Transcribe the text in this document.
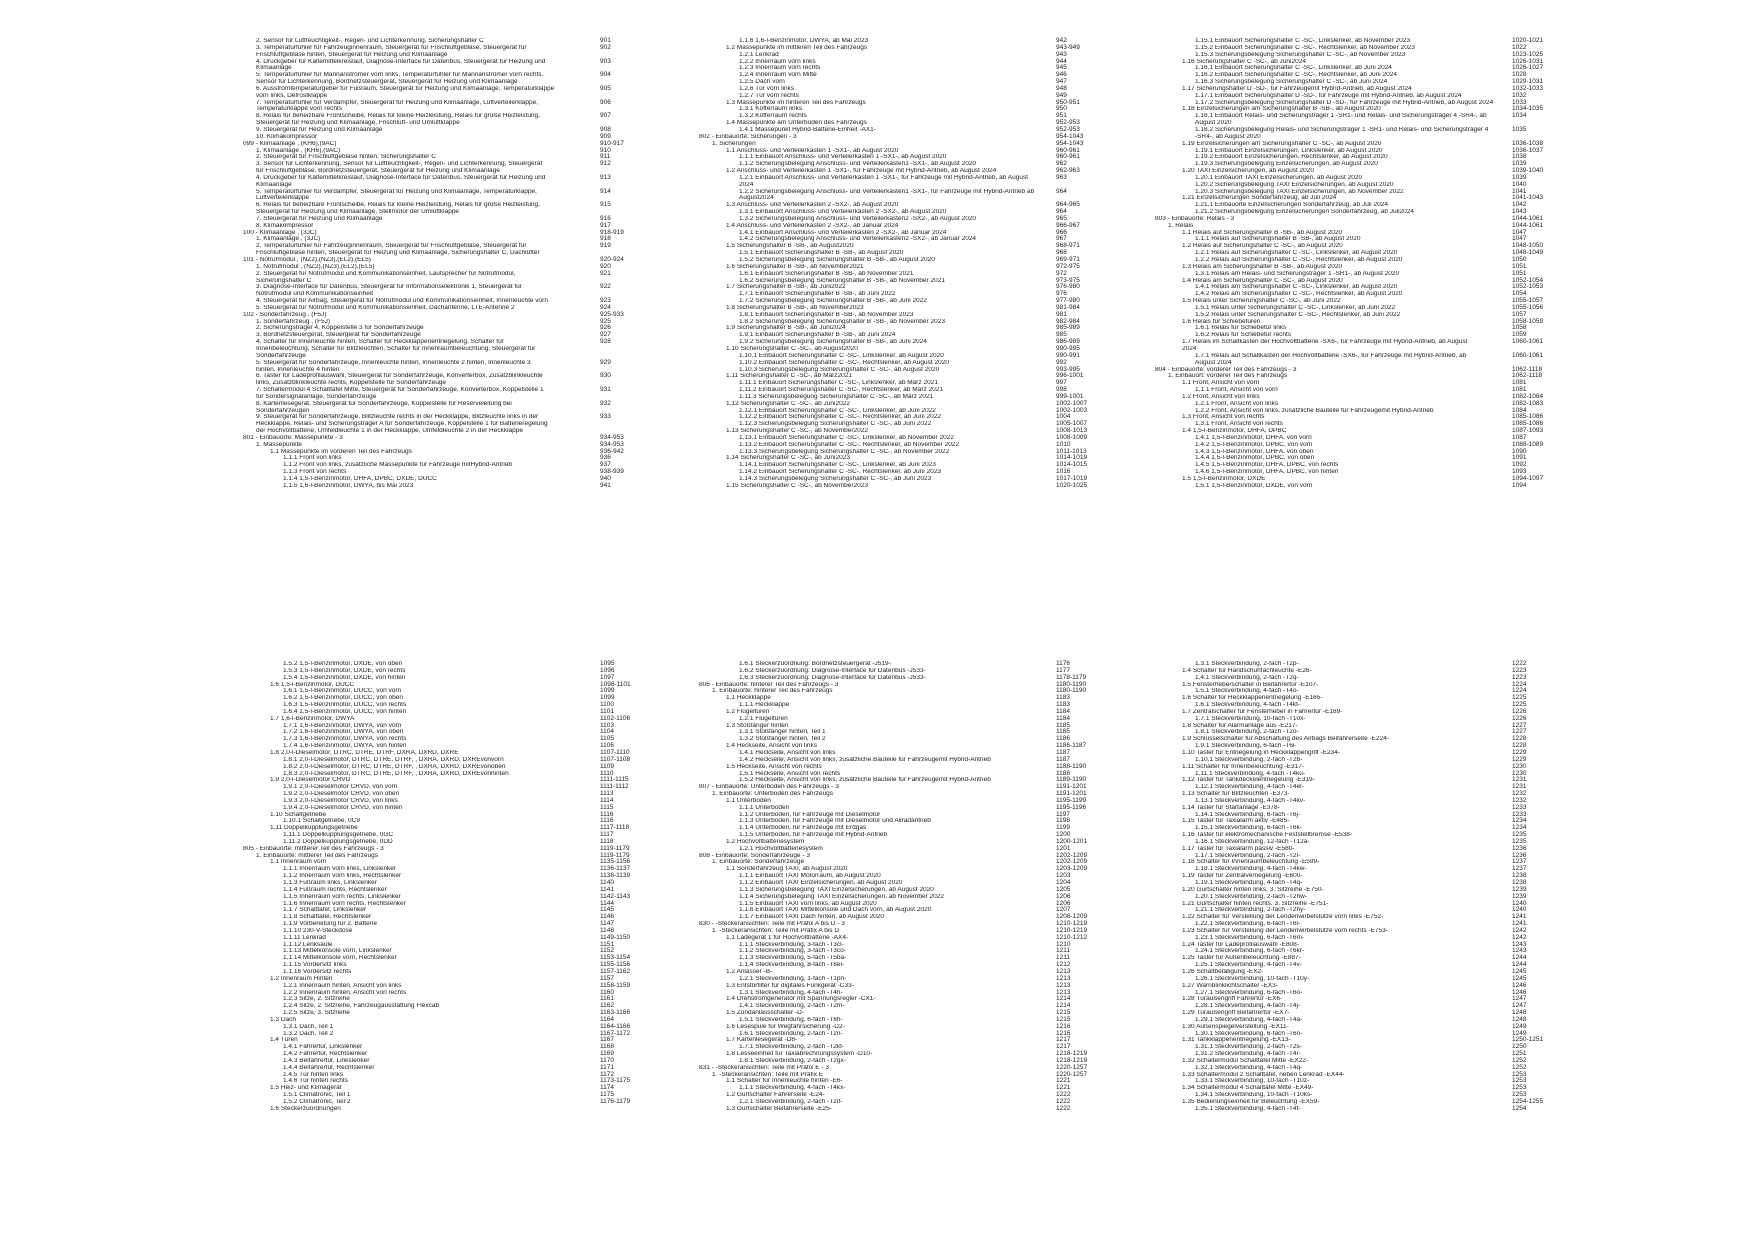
2. Sensor für Luftfeuchtigkeit-, Regen- und Lichterkennung, Sicherungshalter C	901
3. Temperaturfühler für Fahrzeuginnenraum, Steuergerät für Frischluftgebläse, Steuergerät für	902
Frischluftgebläse hinten, Steuergerät für Heizung und Klimaanlage
4. Druckgeber für Kältemittelkreislauf, Diagnose-Interface für Datenbus, Steuergerät für Heizung und	903
Klimaanlage
5. Temperaturfühler für Mannanströmer vorn links, Temperaturfühler für Mannanströmer vorn rechts,	904
Sensor für Lichterkennung, Bordnetzsteuergerät, Steuergerät für Heizung und Klimaanlage
6. Ausströmtemperaturgeber für Fußraum, Steuergerät für Heizung und Klimaanlage, Temperaturklappe	905
vorn links, Defrostklappe
7. Temperaturfühler für Verdampfer, Steuergerät für Heizung und Klimaanlage, Luftverteilerklappe,	906
Temperaturklappe vorn rechts
8. Relais für beheizbare Frontscheibe, Relais für kleine Heizleistung, Relais für große Heizleistung,	907
Steuergerät für Heizung und Klimaanlage, Frischluft- und Umluftklappe
9. Steuergerät für Heizung und Klimaanlage	908
10. Klimakompressor	909
099 - Klimaanlage , (KH6),(9AC)	910-917
1. Klimaanlage , (KH6),(9AC)	910
2. Steuergerät für Frischluftgebläse hinten, Sicherungshalter C	911
3. Sensor für Lichterkennung, Sensor für Luftfeuchtigkeit-, Regen- und Lichterkennung, Steuergerät	912
für Frischluftgebläse, Bordnetzsteuergerät, Steuergerät für Heizung und Klimaanlage
4. Druckgeber für Kältemittelkreislauf, Diagnose-Interface für Datenbus, Steuergerät für Heizung und	913
Klimaanlage
5. Temperaturfühler für Verdampfer, Steuergerät für Heizung und Klimaanlage, Temperaturklappe,	914
Luftverteilerklappe
6. Relais für beheizbare Frontscheibe, Relais für kleine Heizleistung, Relais für große Heizleistung,	915
Steuergerät für Heizung und Klimaanlage, Stellmotor der Umluftklappe
7. Steuergerät für Heizung und Klimaanlage	916
8. Klimakompressor	917
100 - Klimaanlage , (3JC)	918-919
1. Klimaanlage , (3JC)	918
2. Temperaturfühler für Fahrzeuginnenraum, Steuergerät für Frischluftgebläse, Steuergerät für	919
Frischluftgebläse hinten, Steuergerät für Heizung und Klimaanlage, Sicherungshalter C, Dachlüfter
101 - Notrufmodul , (NZ2),(NZ3),(EL2),(EL5)	920-924
1. Notrufmodul , (NZ2),(NZ3),(EL2),(EL5)	920
2. Steuergerät für Notrufmodul und Kommunikationseinheit, Lautsprecher für Notrufmodul,	921
Sicherungshalter C
3. Diagnose-Interface für Datenbus, Steuergerät für Informationselektronik 1, Steuergerät für	922
Notrufmodul und Kommunikationseinheit
4. Steuergerät für Airbag, Steuergerät für Notrufmodul und Kommunikationseinheit, Innenleuchte vorn	923
5. Steuergerät für Notrufmodul und Kommunikationseinheit, Dachantenne, LTE-Antenne 2	924
102 - Sonderfahrzeug , (F5J)	925-933
1. Sonderfahrzeug , (F5J)	925
2. Sicherungsträger 4, Koppelstelle 3 für Sonderfahrzeuge	926
3. Bordnetzsteuergerät, Steuergerät für Sonderfahrzeuge	927
4. Schalter für Innenleuchte hinten, Schalter für Heckklappenentriegelung, Schalter für	928
Innenbeleuchtung, Schalter für Blitzleuchten, Schalter für Innenraumbeleuchtung, Steuergerät für
Sonderfahrzeuge
5. Steuergerät für Sonderfahrzeuge, Innenleuchte hinten, Innenleuchte 2 hinten, Innenleuchte 3	929
hinten, Innenleuchte 4 hinten
6. Taster für Ladeprofilauswahl, Steuergerät für Sonderfahrzeuge, Konverterbox, Zusatzblinkleuchte	930
links, Zusatzblinkleuchte rechts, Koppelstelle für Sonderfahrzeuge
7. Schaltermodul 4 Schalttafel Mitte, Steuergerät für Sonderfahrzeuge, Konverterbox, Koppelstelle 1	931
für Sondersignalanlage, Sonderfahrzeuge
8. Kartenlesegerät, Steuergerät für Sonderfahrzeuge, Koppelstelle für Reserveleitung bei	932
Sonderfahrzeugen
9. Steuergerät für Sonderfahrzeuge, Blitzleuchte rechts in der Heckklappe, Blitzleuchte links in der	933
Heckklappe, Relais- und Sicherungsträger A für Sonderfahrzeuge, Koppelstelle 1 für Batterieregelung
der Hochvoltbatterie, Umfeldleuchte 1 in der Heckklappe, Umfeldleuchte 2 in der Heckklappe
801 - Einbauorte: Massepunkte - 3	934-953
1. Massepunkte	934-953
1.1 Massepunkte im vorderen Teil des Fahrzeugs	936-942
1.1.1 Front von links	936
1.1.2 Front von links, zusätzliche Massepunkte für Fahrzeuge mitHybrid-Antrieb	937
1.1.3 Front von rechts	938-939
1.1.4 1,5-l-Benzinmotor, DHFA, DPBC, DXDE, DUCC	940
1.1.5 1,6-l-Benzinmotor, DWYA, bis Mai 2023	941
1.1.6 1,6-l-Benzinmotor, DWYA, ab Mai 2023	942
1.2 Massepunkte im mittleren Teil des Fahrzeugs	943-949
1.2.1 Lenkrad	943
1.2.2 Innenraum vorn links	944
1.2.3 Innenraum vorn rechts	945
1.2.4 Innenraum vorn Mitte	946
1.2.5 Dach vorn	947
1.2.6 Tür vorn links	948
1.2.7 Tür vorn rechts	949
1.3 Massepunkte im hinteren Teil des Fahrzeugs	950-951
1.3.1 Kofferraum links	950
1.3.2 Kofferraum rechts	951
1.4 Massepunkte am Unterboden des Fahrzeugs	952-953
1.4.1 Massepunkt Hybrid-Batterie-Einheit -AX1-	952-953
802 - Einbauorte: Sicherungen - 3	954-1043
1. Sicherungen	954-1043
1.1 Anschluss- und Verteilerkasten 1 -SX1-, ab August 2020	960-961
1.1.1 Einbauort Anschluss- und Verteilerkasten 1 -SX1-, ab August 2020	960-961
1.1.2 Sicherungsbelegung Anschluss- und Verteilerkasten1 -SX1-, ab August 2020	962
1.2 Anschluss- und Verteilerkasten 1 -SX1-, für Fahrzeuge mit Hybrid-Antrieb, ab August 2024	962-963
1.2.1 Einbauort Anschluss- und Verteilerkasten 1 -SX1-, für Fahrzeuge mit Hybrid-Antrieb, ab August	963
2024
1.2.2 Sicherungsbelegung Anschluss- und Verteilerkasten1 -SX1-, für Fahrzeuge mit Hybrid-Antrieb ab	964
August2024
1.3 Anschluss- und Verteilerkasten 2 -SX2-, ab August 2020	964-965
1.3.1 Einbauort Anschluss- und Verteilerkasten 2 -SX2-, ab August 2020	964
1.3.2 Sicherungsbelegung Anschluss- und Verteilerkasten2 -SX2-, ab August 2020	965
1.4 Anschluss- und Verteilerkasten 2 -SX2-, ab Januar 2024	966-967
1.4.1 Einbauort Anschluss- und Verteilerkasten 2 -SX2-, ab Januar 2024	966
1.4.2 Sicherungsbelegung Anschluss- und Verteilerkasten2 -SX2-, ab Januar 2024	967
1.5 Sicherungshalter B -SB-, ab August2020	968-971
1.5.1 Einbauort Sicherungshalter B -SB-, ab August 2020	968
1.5.2 Sicherungsbelegung Sicherungshalter B -SB-, ab August 2020	969-971
1.6 Sicherungshalter B -SB-, ab November2021	972-975
1.6.1 Einbauort Sicherungshalter B -SB-, ab November 2021	972
1.6.2 Sicherungsbelegung Sicherungshalter B -SB-, ab November 2021	973-975
1.7 Sicherungshalter B -SB-, ab Juni2022	976-980
1.7.1 Einbauort Sicherungshalter B -SB-, ab Juni 2022	976
1.7.2 Sicherungsbelegung Sicherungshalter B -SB-, ab Juni 2022	977-980
1.8 Sicherungshalter B -SB-, ab November2023	981-984
1.8.1 Einbauort Sicherungshalter B -SB-, ab November 2023	981
1.8.2 Sicherungsbelegung Sicherungshalter B -SB-, ab November 2023	982-984
1.9 Sicherungshalter B -SB-, ab Juni2024	985-989
1.9.1 Einbauort Sicherungshalter B -SB-, ab Juni 2024	985
1.9.2 Sicherungsbelegung Sicherungshalter B -SB-, ab Juni 2024	986-989
1.10 Sicherungshalter C -SC-, ab August2020	990-995
1.10.1 Einbauort Sicherungshalter C -SC-, Linkslenker, ab August 2020	990-991
1.10.2 Einbauort Sicherungshalter C -SC-, Rechtslenker, ab August 2020	992
1.10.3 Sicherungsbelegung Sicherungshalter C -SC-, ab August 2020	993-995
1.11 Sicherungshalter C -SC-, ab März2021	996-1001
1.11.1 Einbauort Sicherungshalter C -SC-, Linkslenker, ab März 2021	997
1.11.2 Einbauort Sicherungshalter C -SC-, Rechtslenker, ab März 2021	998
1.11.3 Sicherungsbelegung Sicherungshalter C -SC-, ab März 2021	999-1001
1.12 Sicherungshalter C -SC-, ab Juni2022	1002-1007
1.12.1 Einbauort Sicherungshalter C -SC-, Linkslenker, ab Juni 2022	1002-1003
1.12.2 Einbauort Sicherungshalter C -SC-, Rechtslenker, ab Juni 2022	1004
1.12.3 Sicherungsbelegung Sicherungshalter C -SC-, ab Juni 2022	1005-1007
1.13 Sicherungshalter C -SC-, ab November2022	1008-1013
1.13.1 Einbauort Sicherungshalter C -SC-, Linkslenker, ab November 2022	1008-1009
1.13.2 Einbauort Sicherungshalter C -SC-, Rechtslenker, ab November 2022	1010
1.13.3 Sicherungsbelegung Sicherungshalter C -SC-, ab November 2022	1011-1013
1.14 Sicherungshalter C -SC-, ab Juni2023	1014-1019
1.14.1 Einbauort Sicherungshalter C -SC-, Linkslenker, ab Juni 2023	1014-1015
1.14.2 Einbauort Sicherungshalter C -SC-, Rechtslenker, ab Juni 2023	1016
1.14.3 Sicherungsbelegung Sicherungshalter C -SC-, ab Juni 2023	1017-1019
1.15 Sicherungshalter C -SC-, ab November2023	1020-1025
1.15.1 Einbauort Sicherungshalter C -SC-, Linkslenker, ab November 2023	1020-1021
1.15.2 Einbauort Sicherungshalter C -SC-, Rechtslenker, ab November 2023	1022
1.15.3 Sicherungsbelegung Sicherungshalter C -SC-, ab November 2023	1023-1025
1.16 Sicherungshalter C -SC-, ab Juni2024	1026-1031
1.16.1 Einbauort Sicherungshalter C -SC-, Linkslenker, ab Juni 2024	1026-1027
1.16.2 Einbauort Sicherungshalter C -SC-, Rechtslenker, ab Juni 2024	1028
1.16.3 Sicherungsbelegung Sicherungshalter C -SC-, ab Juni 2024	1029-1031
1.17 Sicherungshalter D -SD-, für Fahrzeugemit Hybrid-Antrieb, ab August 2024	1032-1033
1.17.1 Einbauort Sicherungshalter D -SD-, für Fahrzeuge mit Hybrid-Antrieb, ab August 2024	1032
1.17.2 Sicherungsbelegung Sicherungshalter D -SD-, für Fahrzeuge mit Hybrid-Antrieb, ab August 2024	1033
1.18 Einzelsicherungen am Sicherungshalter B -SB-, ab August 2020	1034-1035
1.18.1 Einbauort Relais- und Sicherungsträger 1 -SR1- und Relais- und Sicherungsträger 4 -SR4-, ab	1034
August 2020
1.18.2 Sicherungsbelegung Relais- und Sicherungsträger 1 -SR1- und Relais- und Sicherungsträger 4	1035
-SR4-, ab August 2020
1.19 Einzelsicherungen am Sicherungshalter C -SC-, ab August 2020	1036-1038
1.19.1 Einbauort Einzelsicherungen, Linkslenker, ab August 2020	1036-1037
1.19.2 Einbauort Einzelsicherungen, Rechtslenker, ab August 2020	1038
1.19.3 Sicherungsbelegung Einzelsicherungen, ab August 2020	1039
1.20 TAXI Einzelsicherungen, ab August 2020	1039-1040
1.20.1 Einbauort TAXI Einzelsicherungen, ab August 2020	1039
1.20.2 Sicherungsbelegung TAXI Einzelsicherungen, ab August 2020	1040
1.20.3 Sicherungsbelegung TAXI Einzelsicherungen, ab November 2022	1041
1.21 Einzelsicherungen Sonderfahrzeug, ab Juli 2024	1041-1043
1.21.1 Einbauorte Einzelsicherungen Sonderfahrzeug, ab Juli 2024	1042
1.21.2 Sicherungsbelegung Einzelsicherungen Sonderfahrzeug, ab Juli2024	1043
803 - Einbauorte: Relais - 3	1044-1061
1. Relais	1044-1061
1.1 Relais auf Sicherungshalter B -SB-, ab August 2020	1047
1.1.1 Relais auf Sicherungshalter B -SB-, ab August 2020	1047
1.2 Relais auf Sicherungshalter C -SC-, ab August 2020	1048-1050
1.2.1 Relais auf Sicherungshalter C -SC-, Linkslenker, ab August 2020	1048-1049
1.2.2 Relais auf Sicherungshalter C -SC-, Rechtslenker, ab August 2020	1050
1.3 Relais am Sicherungshalter B -SB-, ab August 2020	1051
1.3.1 Relais am Relais- und Sicherungsträger 1 -SR1-, ab August 2020	1051
1.4 Relais am Sicherungshalter C -SC-, ab August 2020	1052-1054
1.4.1 Relais am Sicherungshalter C -SC-, Linkslenker, ab August 2020	1052-1053
1.4.2 Relais am Sicherungshalter C -SC-, Rechtslenker, ab August 2020	1054
1.5 Relais unter Sicherungshalter C -SC-, ab Juni 2022	1055-1057
1.5.1 Relais unter Sicherungshalter C -SC-, Linkslenker, ab Juni 2022	1055-1056
1.5.2 Relais unter Sicherungshalter C -SC-, Rechtslenker, ab Juni 2022	1057
1.6 Relais für Schiebetüren	1058-1059
1.6.1 Relais für Schiebetür links	1058
1.6.2 Relais für Schiebetür rechts	1059
1.7 Relais im Schaltkasten der Hochvoltbatterie -SX6-, für Fahrzeuge mit Hybrid-Antrieb, ab August	1060-1061
2024
1.7.1 Relais auf Schaltkasten der Hochvoltbatterie -SX6-, für Fahrzeuge mit Hybrid-Antrieb, ab	1060-1061
August 2024
804 - Einbauorte: vorderer Teil des Fahrzeugs - 3	1062-1118
1. Einbauort: vorderer Teil des Fahrzeugs	1062-1118
1.1 Front, Ansicht von vorn	1081
1.1.1 Front, Ansicht von vorn	1081
1.2 Front, Ansicht von links	1082-1084
1.2.1 Front, Ansicht von links	1082-1083
1.2.2 Front, Ansicht von links, zusätzliche Bauteile für Fahrzeugemit Hybrid-Antrieb	1084
1.3 Front, Ansicht von rechts	1085-1086
1.3.1 Front, Ansicht von rechts	1085-1086
1.4 1,5-l-Benzinmotor, DHFA, DPBC	1087-1093
1.4.1 1,5-l-Benzinmotor, DHFA, von vorn	1087
1.4.2 1,5-l-Benzinmotor, DPBC, von vorn	1088-1089
1.4.3 1,5-l-Benzinmotor, DHFA, von oben	1090
1.4.4 1,5-l-Benzinmotor, DPBC, von oben	1091
1.4.5 1,5-l-Benzinmotor, DHFA, DPBC, von rechts	1092
1.4.6 1,5-l-Benzinmotor, DHFA, DPBC, von hinten	1093
1.5 1,5-l-Benzinmotor, DXDE	1094-1097
1.5.1 1,5-l-Benzinmotor, DXDE, von vorn	1094
1.5.2 1,5-l-Benzinmotor, DXDE, von oben	1095
1.5.3 1,5-l-Benzinmotor, DXDE, von rechts	1096
1.5.4 1,5-l-Benzinmotor, DXDE, von hinten	1097
1.6 1,5-l-Benzinmotor, DUCC	1098-1101
1.6.1 1,5-l-Benzinmotor, DUCC, von vorn	1099
1.6.2 1,5-l-Benzinmotor, DUCC, von oben	1099
1.6.3 1,5-l-Benzinmotor, DUCC, von rechts	1100
1.6.4 1,5-l-Benzinmotor, DUCC, von hinten	1101
1.7 1,6-l-Benzinmotor, DWYA	1102-1106
1.7.1 1,6-l-Benzinmotor, DWYA, von vorn	1103
1.7.2 1,6-l-Benzinmotor, DWYA, von oben	1104
1.7.3 1,6-l-Benzinmotor, DWYA, von rechts	1105
1.7.4 1,6-l-Benzinmotor, DWYA, von hinten	1106
1.8 2,0-l-Dieselmotor, DTRC, DTRE, DTRF, DXRA, DXRD, DXRE	1107-1110
1.8.1 2,0-l-Dieselmotor, DTRC, DTRE, DTRF, , DXRA, DXRD, DXREvonvorn	1107-1108
1.8.2 2,0-l-Dieselmotor, DTRC, DTRE, DTRF, , DXRA, DXRD, DXREvonoben	1109
1.8.3 2,0-l-Dieselmotor, DTRC, DTRE, DTRF, , DXRA, DXRD, DXREvonhinten	1110
1.9 2,0-l-Dieselmotor CRVD	1111-1115
1.9.1 2,0-l-Dieselmotor CRVD, von vorn	1111-1112
1.9.2 2,0-l-Dieselmotor CRVD, von oben	1113
1.9.3 2,0-l-Dieselmotor CRVD, von links	1114
1.9.4 2,0-l-Dieselmotor CRVD, von hinten	1115
1.10 Schaltgetriebe	1116
1.10.1 Schaltgetriebe, 0C9	1116
1.11 Doppelkupplungsgetriebe	1117-1118
1.11.1 Doppelkupplungsgetriebe, 0GC	1117
1.11.2 Doppelkupplungsgetriebe, 0DD	1118
805 - Einbauorte: mittlerer Teil des Fahrzeugs - 3	1119-1179
1. Einbauorte: mittlerer Teil des Fahrzeugs	1119-1179
1.1 Innenraum vorn	1135-1156
1.1.1 Innenraum vorn links, Linkslenker	1136-1137
1.1.2 Innenraum vorn links, Rechtslenker	1138-1139
1.1.3 Fußraum links, Linkslenker	1140
1.1.4 Fußraum rechts, Rechtslenker	1141
1.1.5 Innenraum vorn rechts, Linkslenker	1142-1143
1.1.6 Innenraum vorn rechts, Rechtslenker	1144
1.1.7 Schalttafel, Linkslenker	1145
1.1.8 Schalttafel, Rechtslenker	1146
1.1.9 Vorbereitung für 2. Batterie	1147
1.1.10 230-V-Steckdose	1148
1.1.11 Lenkrad	1149-1150
1.1.12 Lenksäule	1151
1.1.13 Mittelkonsole vorn, Linkslenker	1152
1.1.14 Mittelkonsole vorn, Rechtslenker	1153-1154
1.1.15 Vordersitz links	1155-1156
1.1.16 Vordersitz rechts	1157-1162
1.2 Innenraum Hinten	1157
1.2.1 Innenraum hinten, Ansicht von links	1158-1159
1.2.2 Innenraum hinten, Ansicht von rechts	1160
1.2.3 Sitze, 2. Sitzreihe	1161
1.2.4 Sitze, 2. Sitzreihe, Fahrzeugausstattung Flexcab	1162
1.2.5 Sitze, 3. Sitzreihe	1163-1166
1.3 Dach	1164
1.3.1 Dach, Teil 1	1164-1166
1.3.2 Dach, Teil 2	1167-1172
1.4 Türen	1167
1.4.1 Fahrertür, Linkslenker	1168
1.4.2 Fahrertür, Rechtslenker	1169
1.4.3 Beifahrertür, Linkslenker	1170
1.4.4 Beifahrertür, Rechtslenker	1171
1.4.5 Tür hinten links	1172
1.4.6 Tür hinten rechts	1173-1175
1.5 Heiz- und Klimagerät	1174
1.5.1 Climatronic, Teil 1	1175
1.5.2 Climatronic, Teil 2	1176-1179
1.6 Steckerzuordnungen
1.6.1 Steckerzuordnung: Bordnetzsteuergerät -J519-	1176
1.6.2 Steckerzuordnung: Diagnose-Interface für Datenbus -J533-	1177
1.6.3 Steckerzuordnung: Diagnose-Interface für Datenbus -J533-	1178-1179
806 - Einbauorte: hinterer Teil des Fahrzeugs - 3	1180-1190
1. Einbauorte: hinterer Teil des Fahrzeugs	1180-1190
1.1 Heckklappe	1183
1.1.1 Heckklappe	1183
1.2 Flügeltüren	1184
1.2.1 Flügeltüren	1184
1.3 Stoßfänger hinten	1185
1.3.1 Stoßfänger hinten, Teil 1	1185
1.3.2 Stoßfänger hinten, Teil 2	1186
1.4 Heckseite, Ansicht von links	1186-1187
1.4.1 Heckseite, Ansicht von links	1187
1.4.2 Heckseite, Ansicht von links, zusätzliche Bauteile für Fahrzeugemit Hybrid-Antrieb	1187
1.5 Heckseite, Ansicht von rechts	1188-1190
1.5.1 Heckseite, Ansicht von rechts	1188
1.5.2 Heckseite, Ansicht von links, zusätzliche Bauteile für Fahrzeugemit Hybrid-Antrieb	1189-1190
807 - Einbauorte: Unterboden des Fahrzeugs - 3	1191-1201
1. Einbauorte: Unterboden des Fahrzeugs	1191-1201
1.1 Unterboden	1195-1199
1.1.1 Unterboden	1195-1196
1.1.2 Unterboden, für Fahrzeuge mit Dieselmotor	1197
1.1.3 Unterboden, für Fahrzeuge mit Dieselmotor und Allradantrieb	1198
1.1.4 Unterboden, für Fahrzeuge mit Erdgas	1199
1.1.5 Unterboden, für Fahrzeuge mit Hybrid-Antrieb	1200
1.2 Hochvoltbatteriesystem	1200-1201
1.2.1 Hochvoltbatteriesystem	1201
808 - Einbauorte: Sonderfahrzeuge - 3	1202-1209
1. Einbauorte: Sonderfahrzeuge	1202-1209
1.1 Sonderfahrzeug TAXI, ab August 2020	1203-1209
1.1.1 Einbauort TAXI Motorraum, ab August 2020	1203
1.1.2 Einbauort TAXI Einzelsicherungen, ab August 2020	1204
1.1.3 Sicherungsbelegung TAXI Einzelsicherungen, ab August 2020	1205
1.1.4 Sicherungsbelegung TAXI Einzelsicherungen, ab November 2022	1206
1.1.5 Einbauort TAXI vorn links, ab August 2020	1206
1.1.6 Einbauort TAXI Mittelkonsole und Dach vorn, ab August 2020	1207
1.1.7 Einbauort TAXI Dach hinten, ab August 2020	1208-1209
830 - -Steckeransichten: Teile mit Präfix A bis D - 3	1210-1219
1. -Steckeransichten: Teile mit Präfix A bis D	1210-1219
1.1 Ladegerät 1 für Hochvoltbatterie -AX4-	1210-1212
1.1.1 Steckverbindung, 3-fach -T3cl-	1210
1.1.2 Steckverbindung, 3-fach -T3co-	1211
1.1.3 Steckverbindung, 5-fach -T5ba-	1211
1.1.4 Steckverbindung, 8-fach -T8el-	1212
1.2 Anlasser -B-	1213
1.2.1 Steckverbindung, 1-fach -T1pn-	1213
1.3 Entstörfilter für digitales Funkgerät -C33-	1213
1.3.1 Steckverbindung, 4-fach -T4h-	1213
1.4 Drehstromgenerator mit Spannungsregler -CX1-	1214
1.4.1 Steckverbindung, 2-fach -T2m-	1214
1.5 Zündanlassschalter -D-	1215
1.5.1 Steckverbindung, 6-fach -T6h-	1215
1.6 Lesespule für Wegfahrsicherung -D2-	1216
1.6.1 Steckverbindung, 2-fach -T2n-	1216
1.7 Kartenlesegerät -D8-	1217
1.7.1 Steckverbindung, 2-fach -T2kt-	1217
1.8 Lesseeinheit für Taxiabrechnungssystem -D10-	1218-1219
1.8.1 Steckverbindung, 2-fach -T2gx-	1218-1219
831 - -Steckeransichten: Teile mit Präfix E - 3	1220-1257
1. -Steckeransichten: Teile mit Präfix E	1220-1257
1.1 Schalter für Innenleuchte hinten -E6-	1221
1.1.1 Steckverbindung, 4-fach -T4kx-	1221
1.2 Gurtschalter Fahrerseite -E24-	1222
1.2.1 Steckverbindung, 2-fach -T2if-	1222
1.3 Gurtschalter Beifahrerseite -E25-	1222
1.3.1 Steckverbindung, 2-fach -T2p-	1222
1.4 Schalter für Handschuhfachleuchte -E26-	1223
1.4.1 Steckverbindung, 2-fach -T2q-	1223
1.5 Fensterheberschalter in Beifahrertür -E107-	1224
1.5.1 Steckverbindung, 4-fach -T4o-	1224
1.6 Schalter für Heckklappenentriegelung -E165-	1225
1.6.1 Steckverbindung, 4-fach -T4kt-	1225
1.7 Zentralschalter für Fensterheber in Fahrertür -E189-	1226
1.7.1 Steckverbindung, 10-fach -T10x-	1226
1.8 Schalter für Alarmanlage aus -E217-	1227
1.8.1 Steckverbindung, 2-fach -T2o-	1227
1.9 Schlüsselschalter für Abschaltung des Airbags Beifahrerseite -E224-	1228
1.9.1 Steckverbindung, 6-fach -T6i-	1228
1.10 Taster für Entriegelung in Heckklappengriff -E234-	1229
1.10.1 Steckverbindung, 2-fach -T2b-	1229
1.11 Schalter für Innenbeleuchtung -E317-	1230
1.11.1 Steckverbindung, 4-fach -T4ku-	1230
1.12 Taster für Tankdeckelentriegelung -E319-	1231
1.12.1 Steckverbindung, 4-fach -T4el-	1231
1.13 Schalter für Blitzleuchten -E373-	1232
1.13.1 Steckverbindung, 4-fach -T4kv-	1232
1.14 Taster für Startanlage -E378-	1233
1.14.1 Steckverbindung, 6-fach -T6j-	1233
1.15 Taster für Taxialarm aktiv -E485-	1234
1.15.1 Steckverbindung, 6-fach -T6k-	1234
1.16 Taster für elektromechanische Feststellbremse -E538-	1235
1.16.1 Steckverbindung, 12-fach -T12a-	1235
1.17 Taster für Taxialarm passiv -E580-	1236
1.17.1 Steckverbindung, 2-fach -T2l-	1236
1.18 Schalter für Innenraumbeleuchtung -E599-	1237
1.18.1 Steckverbindung, 4-fach -T4kw-	1237
1.19 Taster für Zentralverriegelung -E600-	1238
1.19.1 Steckverbindung, 4-fach -T4q-	1238
1.20 Gurtschalter hinten links, 3. Sitzreihe -E750-	1239
1.20.1 Steckverbindung, 2-fach -T2hw-	1239
1.21 Gurtschalter hinten rechts, 3. Sitzreihe -E751-	1240
1.21.1 Steckverbindung, 2-fach -T2hy-	1240
1.22 Schalter für Verstellung der Lendenwirbelstütze vorn links -E752-	1241
1.22.1 Steckverbindung, 6-fach -T6l-	1241
1.23 Schalter für Verstellung der Lendenwirbelstütze vorn rechts -E753-	1242
1.23.1 Steckverbindung, 6-fach -T6m-	1242
1.24 Taster für Ladeprofilauswahl -E808-	1243
1.24.1 Steckverbindung, 6-fach -T6kr-	1243
1.25 Taster für Außenbeleuchtung -E887-	1244
1.25.1 Steckverbindung, 4-fach -T4v-	1244
1.26 Schaltbetätigung -EX2-	1245
1.26.1 Steckverbindung, 10-fach -T10y-	1245
1.27 Warnblinklichtschalter -EX3-	1246
1.27.1 Steckverbindung, 6-fach -T6o-	1246
1.28 Türaußengriff Fahrertür -EX6-	1247
1.28.1 Steckverbindung, 4-fach -T4j-	1247
1.29 Türaußengriff Beifahrertür -EX7-	1248
1.29.1 Steckverbindung, 4-fach -T4a-	1248
1.30 Außenspiegelverstellung -EX11-	1249
1.30.1 Steckverbindung, 6-fach -T6n-	1249
1.31 Tankklappenentriegelung -EX13-	1250-1251
1.31.1 Steckverbindung, 2-fach -T2s-	1250
1.31.2 Steckverbindung, 4-fach -T4r-	1251
1.32 Schaltermodul Schalttafel Mitte -EX22-	1252
1.32.1 Steckverbindung, 4-fach -T4q-	1252
1.33 Schaltermodul 2 Schalttafel, neben Lenkrad -EX44-	1253
1.33.1 Steckverbindung, 10-fach -T10z-	1253
1.34 Schaltermodul 4 Schalttafel Mitte -EX49-	1253
1.34.1 Steckverbindung, 10-fach -T10ks-	1253
1.35 Bedienungseinheit für Beleuchtung -EX59-	1254-1255
1.35.1 Steckverbindung, 4-fach -T4t-	1254
